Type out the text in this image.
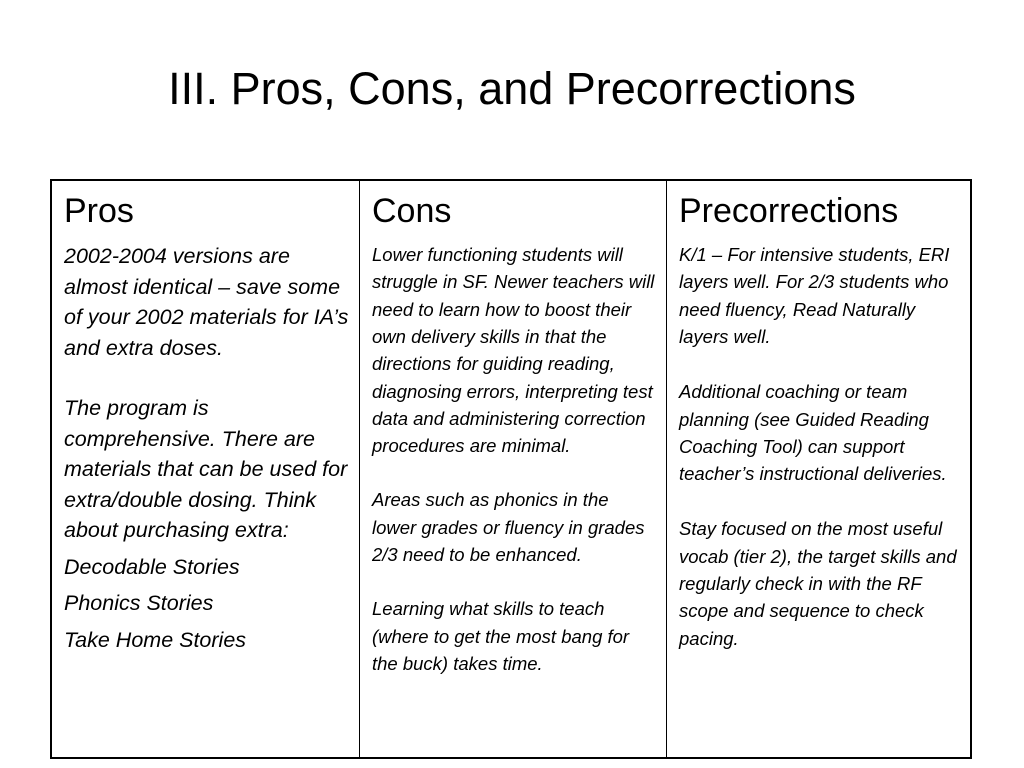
III. Pros, Cons, and Precorrections
Pros

2002-2004 versions are almost identical – save some of your 2002 materials for IA’s and extra doses.

The program is comprehensive. There are materials that can be used for extra/double dosing. Think about purchasing extra:

Decodable Stories

Phonics Stories

Take Home Stories

Cons

Lower functioning students will struggle in SF. Newer teachers will need to learn how to boost their own delivery skills in that the directions for guiding reading, diagnosing errors, interpreting test data and administering correction procedures are minimal.

Areas such as phonics in the lower grades or fluency in grades 2/3 need to be enhanced.

Learning what skills to teach (where to get the most bang for the buck) takes time.

Precorrections

K/1 – For intensive students, ERI layers well. For 2/3 students who need fluency, Read Naturally layers well.

Additional coaching or team planning (see Guided Reading Coaching Tool) can support teacher’s instructional deliveries.

Stay focused on the most useful vocab (tier 2), the target skills and regularly check in with the RF scope and sequence to check pacing.
